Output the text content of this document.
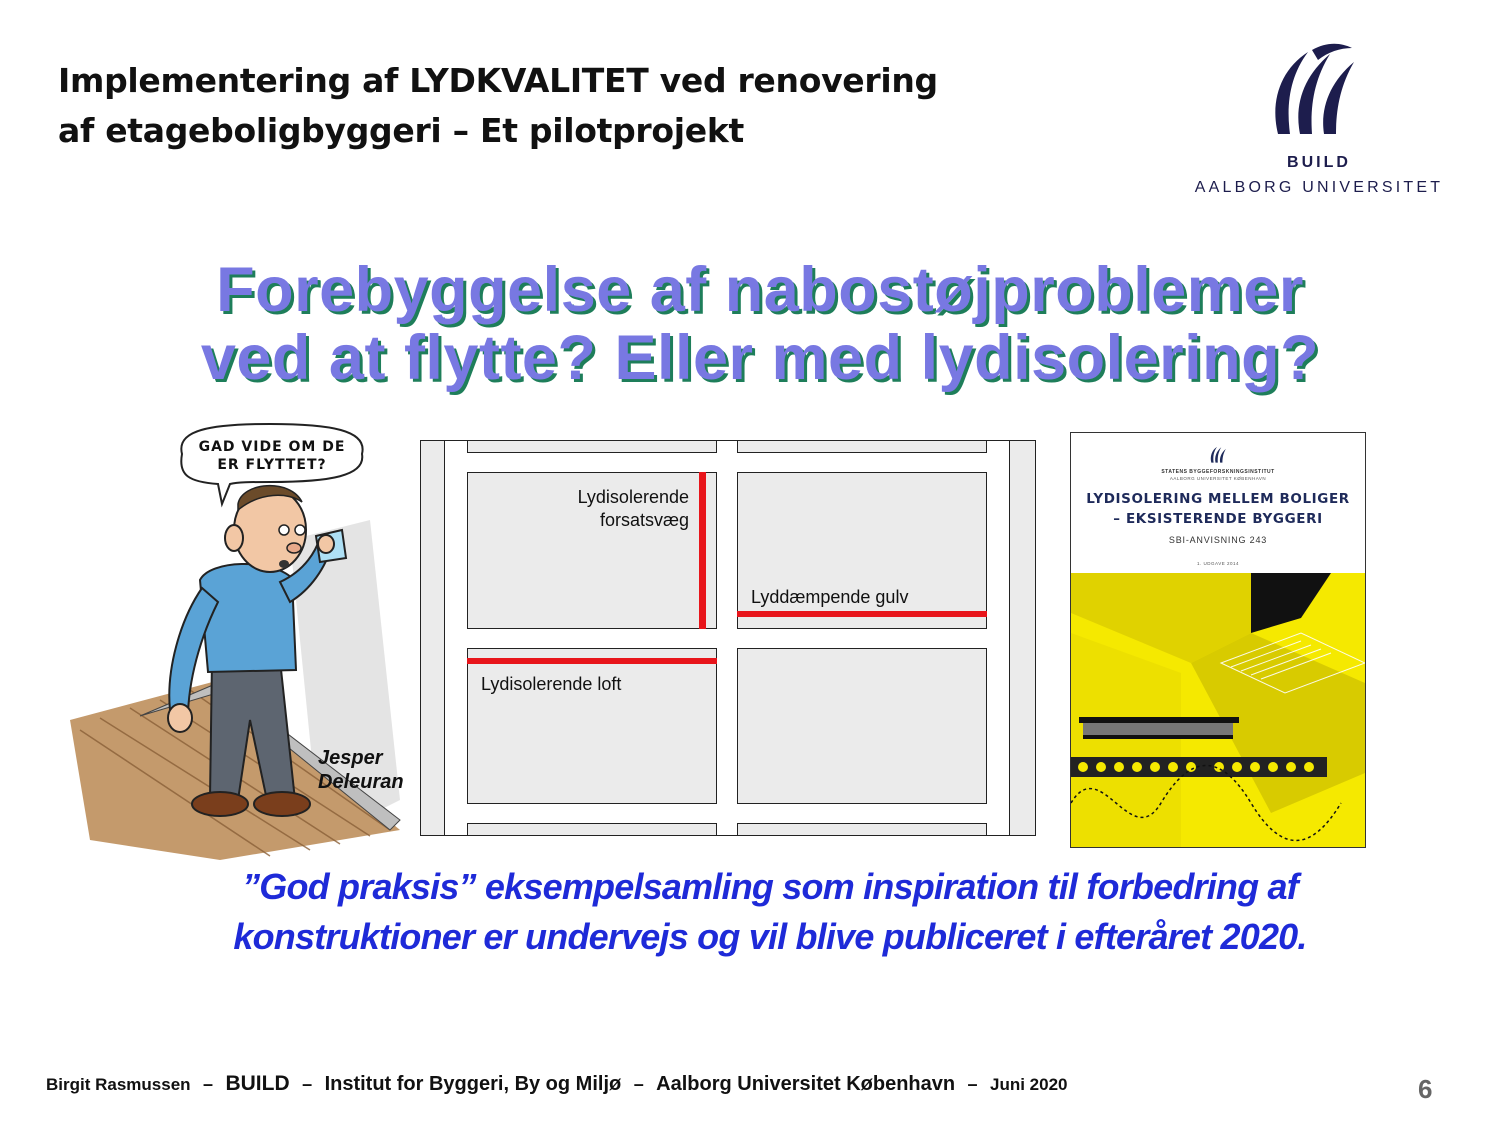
Implementering af LYDKVALITET ved renovering
af etageboligbyggeri – Et pilotprojekt
BUILD
AALBORG UNIVERSITET
Forebyggelse af nabostøjproblemer
ved at flytte? Eller med lydisolering?
GAD VIDE OM DE ER FLYTTET?
Jesper
Deleuran
Lydisolerende
forsatsvæg
Lyddæmpende gulv
Lydisolerende loft
STATENS BYGGEFORSKNINGSINSTITUT
AALBORG UNIVERSITET KØBENHAVN
LYDISOLERING MELLEM BOLIGER
– EKSISTERENDE BYGGERI
SBI-ANVISNING 243
1. UDGAVE 2014
”God praksis” eksempelsamling som inspiration til forbedring af
konstruktioner er undervejs og vil blive publiceret i efteråret 2020.
Birgit Rasmussen – BUILD – Institut for Byggeri, By og Miljø – Aalborg Universitet København – Juni 2020	6
